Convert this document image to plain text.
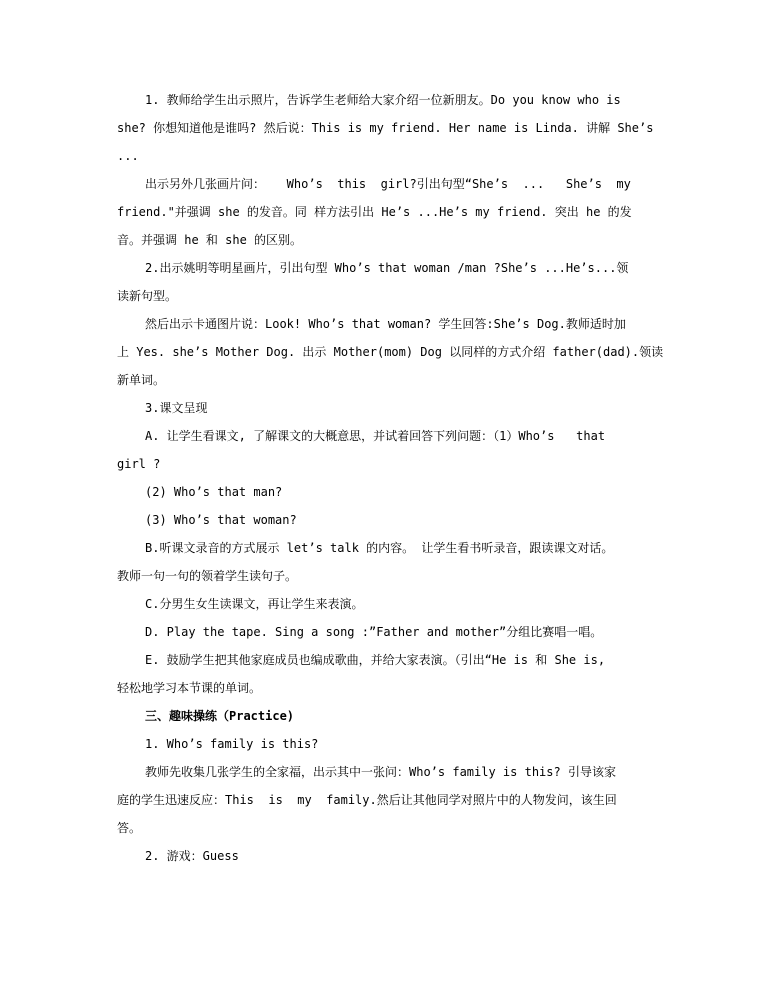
1. 教师给学生出示照片，告诉学生老师给大家介绍一位新朋友。Do you know who is

she? 你想知道他是谁吗? 然后说：This is my friend. Her name is Linda. 讲解 She’s

...

出示另外几张画片问：   Who’s  this  girl?引出句型“She’s  ...   She’s  my

friend."并强调 she 的发音。同 样方法引出 He’s ...He’s my friend. 突出 he 的发

音。并强调 he 和 she 的区别。

2.出示姚明等明星画片，引出句型 Who’s that woman /man ?She’s ...He’s...领

读新句型。

然后出示卡通图片说：Look! Who’s that woman? 学生回答:She’s Dog.教师适时加

上 Yes. she’s Mother Dog. 出示 Mother(mom) Dog 以同样的方式介绍 father(dad).领读

新单词。

3.课文呈现

A. 让学生看课文, 了解课文的大概意思，并试着回答下列问题：（1）Who’s   that

girl ?

(2) Who’s that man?

(3) Who’s that woman?

B.听课文录音的方式展示 let’s talk 的内容。 让学生看书听录音，跟读课文对话。

教师一句一句的领着学生读句子。

C.分男生女生读课文，再让学生来表演。

D. Play the tape. Sing a song :”Father and mother”分组比赛唱一唱。

E. 鼓励学生把其他家庭成员也编成歌曲，并给大家表演。（引出“He is 和 She is,

轻松地学习本节课的单词。

三、趣味操练（Practice)

1. Who’s family is this?

教师先收集几张学生的全家福，出示其中一张问：Who’s family is this? 引导该家

庭的学生迅速反应：This  is  my  family.然后让其他同学对照片中的人物发问，该生回

答。

2. 游戏：Guess
